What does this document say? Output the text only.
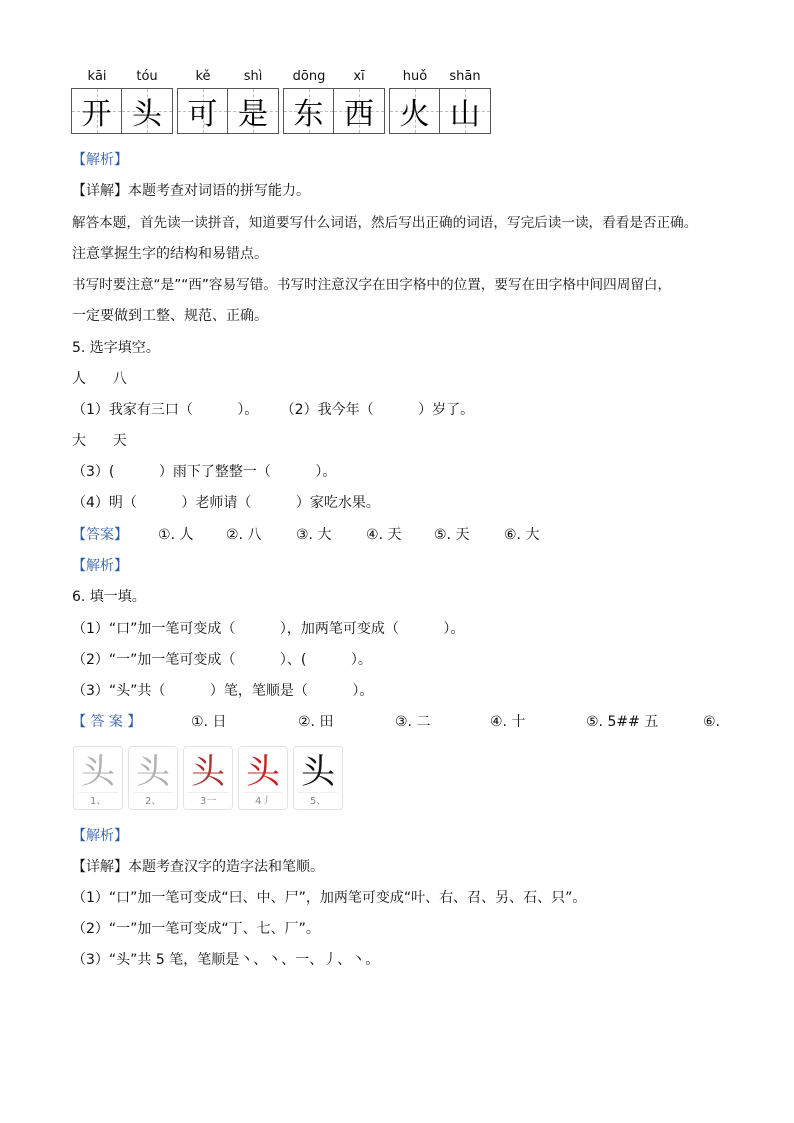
kāi	tóu	kě	shì	dōng	xī	huǒ	shān
开 头 可 是 东 西 火 山
【解析】
【详解】本题考查对词语的拼写能力。
解答本题，首先读一读拼音，知道要写什么词语，然后写出正确的词语，写完后读一读，看看是否正确。
注意掌握生字的结构和易错点。
书写时要注意“是”“西”容易写错。书写时注意汉字在田字格中的位置，要写在田字格中间四周留白，
一定要做到工整、规范、正确。
5. 选字填空。
人      八
（1）我家有三口（          ）。     （2）我今年（          ）岁了。
大      天
（3）(          ）雨下了整整一（          ）。
（4）明（          ）老师请（          ）家吃水果。
【答案】 ①. 人 ②. 八 ③. 大 ④. 天 ⑤. 天 ⑥. 大
【解析】
6. 填一填。
（1）“口”加一笔可变成（          ），加两笔可变成（          ）。
（2）“一”加一笔可变成（          ）、(          ）。
（3）“头”共（          ）笔，笔顺是（          ）。
【 答 案 】	①. 日	②. 田	③. 二	④. 十	⑤. 5## 五	⑥.
头
1、
头
2、
头
3一
头
4丿
头
5、
【解析】
【详解】本题考查汉字的造字法和笔顺。
（1）“口”加一笔可变成“曰、中、尸”，加两笔可变成“叶、右、召、另、石、只”。
（2）“一”加一笔可变成“丁、七、厂”。
（3）“头”共 5 笔，笔顺是丶、丶、一、丿、丶。
